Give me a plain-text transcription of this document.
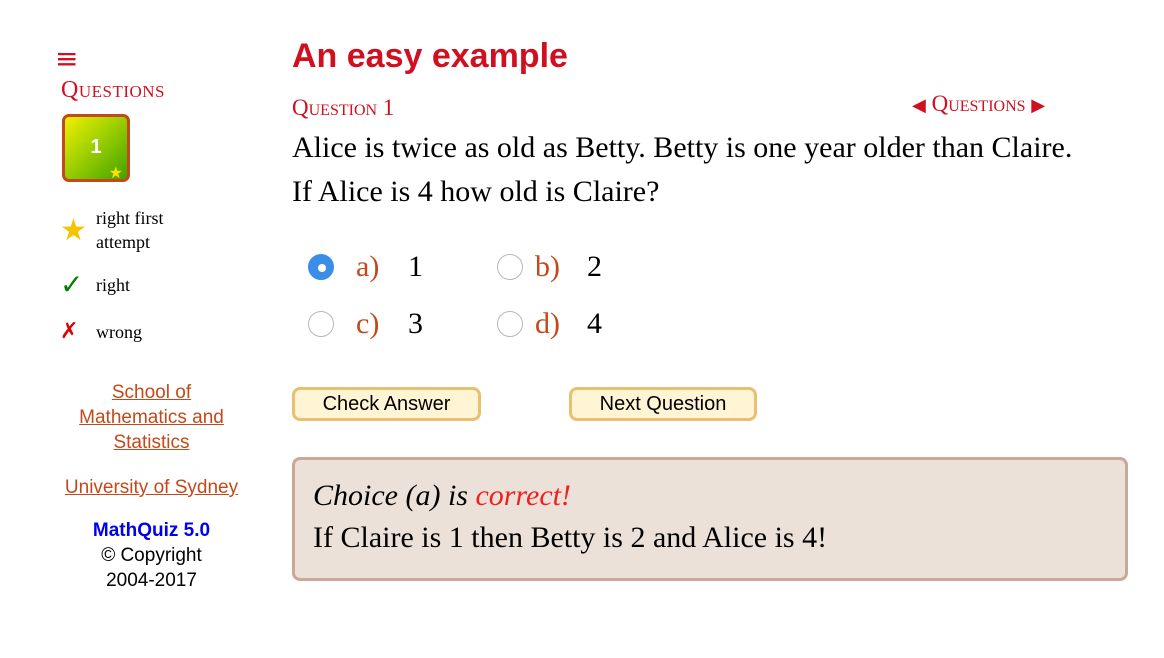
≡
Questions
1
★
★ right first attempt
✓ right
✗ wrong
School of Mathematics and Statistics
University of Sydney
MathQuiz 5.0
© Copyright
2004-2017
An easy example
Question 1	◀ Questions ▶
Alice is twice as old as Betty. Betty is one year older than Claire.
If Alice is 4 how old is Claire?
a) 1	b) 2
c) 3	d) 4
Check Answer	Next Question
Choice (a) is correct!
If Claire is 1 then Betty is 2 and Alice is 4!
